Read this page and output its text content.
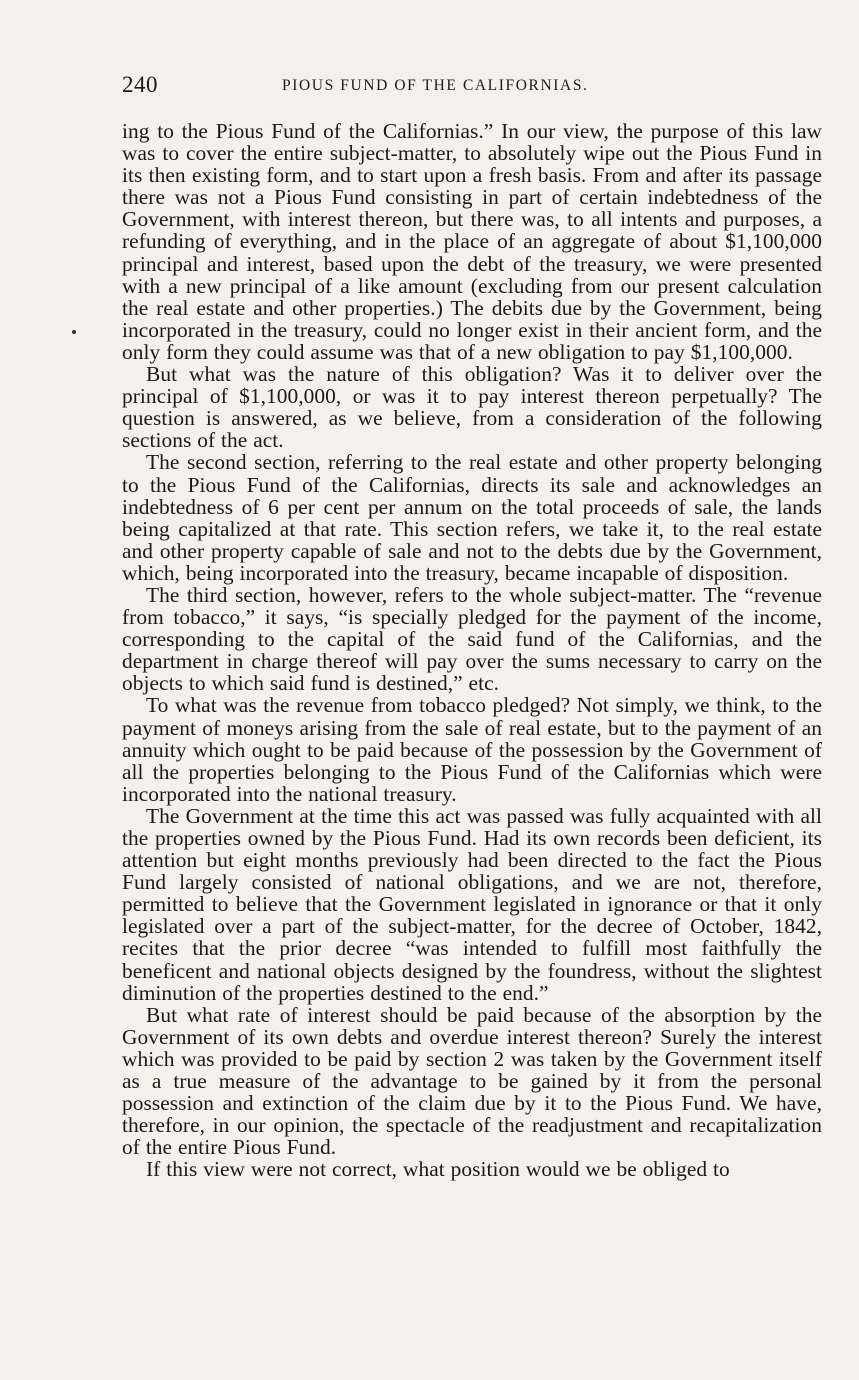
240	PIOUS FUND OF THE CALIFORNIAS.

ing to the Pious Fund of the Californias.” In our view, the purpose of this law was to cover the entire subject-matter, to absolutely wipe out the Pious Fund in its then existing form, and to start upon a fresh basis. From and after its passage there was not a Pious Fund consisting in part of certain indebtedness of the Government, with interest thereon, but there was, to all intents and purposes, a refunding of everything, and in the place of an aggregate of about $1,100,000 principal and interest, based upon the debt of the treasury, we were presented with a new principal of a like amount (excluding from our present calculation the real estate and other properties.) The debits due by the Government, being incorporated in the treasury, could no longer exist in their ancient form, and the only form they could assume was that of a new obligation to pay $1,100,000.

But what was the nature of this obligation? Was it to deliver over the principal of $1,100,000, or was it to pay interest thereon perpetually? The question is answered, as we believe, from a consideration of the following sections of the act.

The second section, referring to the real estate and other property belonging to the Pious Fund of the Californias, directs its sale and acknowledges an indebtedness of 6 per cent per annum on the total proceeds of sale, the lands being capitalized at that rate. This section refers, we take it, to the real estate and other property capable of sale and not to the debts due by the Government, which, being incorporated into the treasury, became incapable of disposition.

The third section, however, refers to the whole subject-matter. The “revenue from tobacco,” it says, “is specially pledged for the payment of the income, corresponding to the capital of the said fund of the Californias, and the department in charge thereof will pay over the sums necessary to carry on the objects to which said fund is destined,” etc.

To what was the revenue from tobacco pledged? Not simply, we think, to the payment of moneys arising from the sale of real estate, but to the payment of an annuity which ought to be paid because of the possession by the Government of all the properties belonging to the Pious Fund of the Californias which were incorporated into the national treasury.

The Government at the time this act was passed was fully acquainted with all the properties owned by the Pious Fund. Had its own records been deficient, its attention but eight months previously had been directed to the fact the Pious Fund largely consisted of national obligations, and we are not, therefore, permitted to believe that the Government legislated in ignorance or that it only legislated over a part of the subject-matter, for the decree of October, 1842, recites that the prior decree “was intended to fulfill most faithfully the beneficent and national objects designed by the foundress, without the slightest diminution of the properties destined to the end.”

But what rate of interest should be paid because of the absorption by the Government of its own debts and overdue interest thereon? Surely the interest which was provided to be paid by section 2 was taken by the Government itself as a true measure of the advantage to be gained by it from the personal possession and extinction of the claim due by it to the Pious Fund. We have, therefore, in our opinion, the spectacle of the readjustment and recapitalization of the entire Pious Fund.

If this view were not correct, what position would we be obliged to
